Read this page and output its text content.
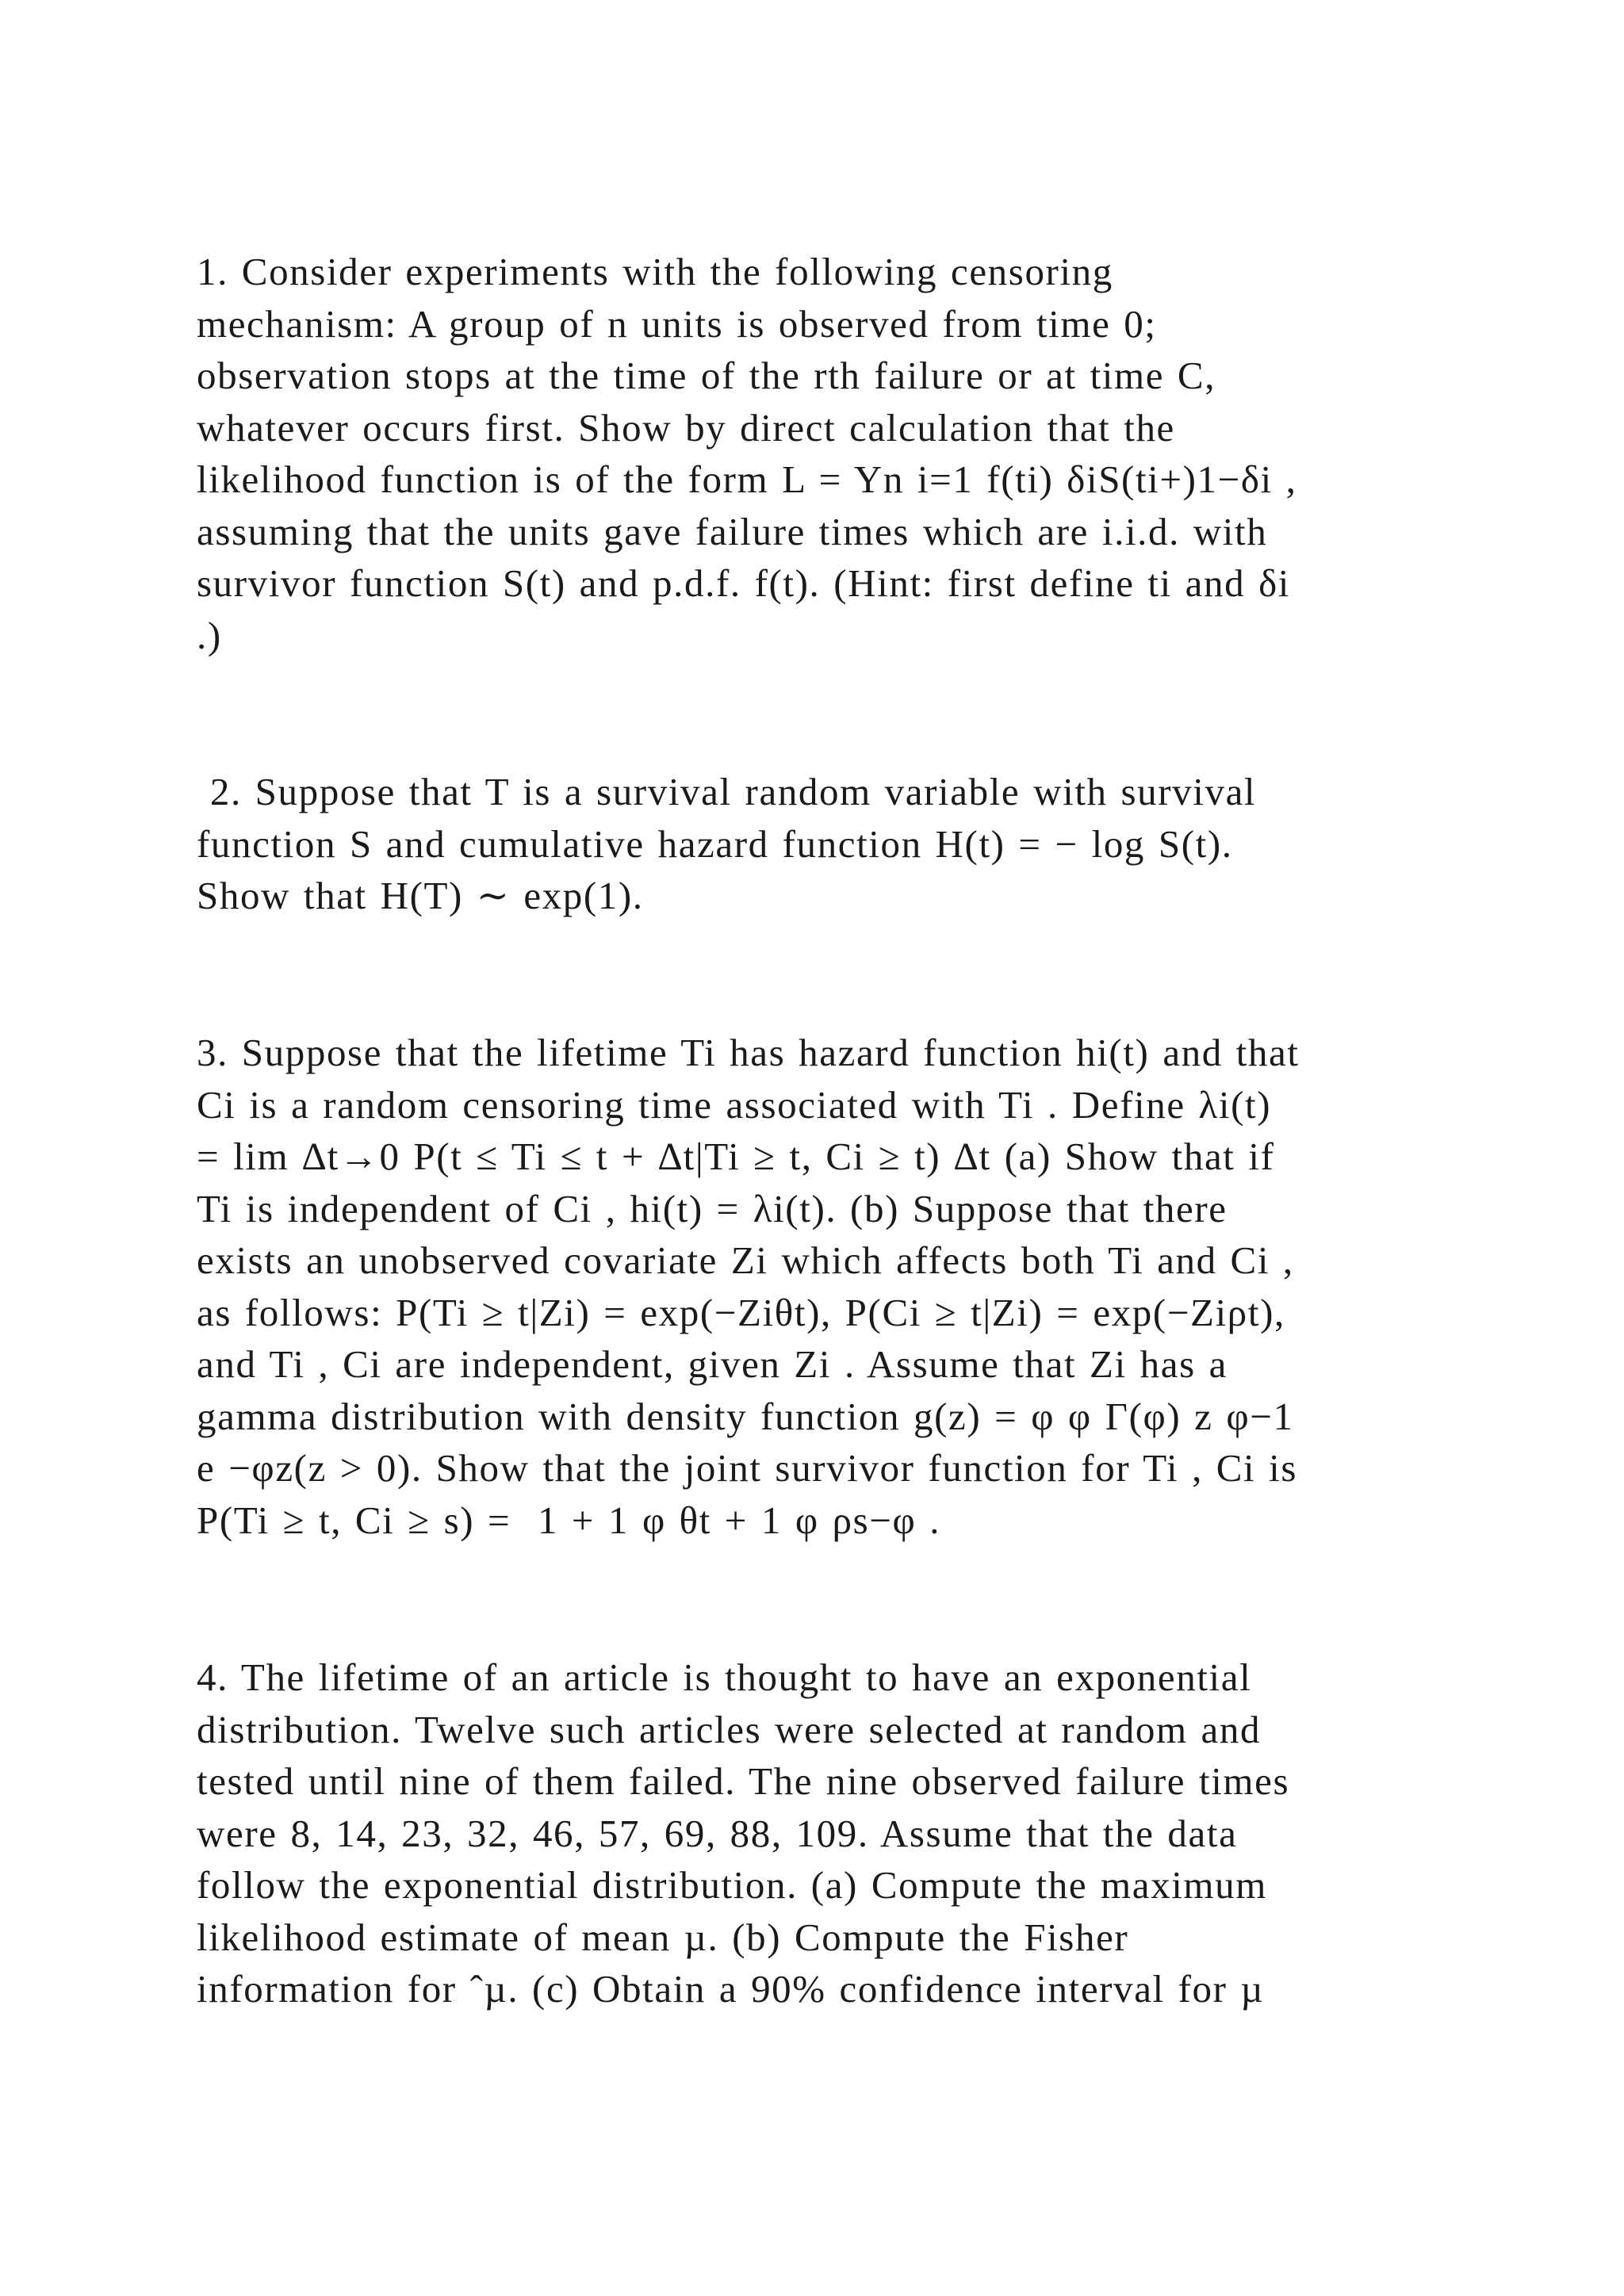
1. Consider experiments with the following censoring
mechanism: A group of n units is observed from time 0;
observation stops at the time of the rth failure or at time C,
whatever occurs first. Show by direct calculation that the
likelihood function is of the form L = Yn i=1 f(ti) δiS(ti+)1−δi ,
assuming that the units gave failure times which are i.i.d. with
survivor function S(t) and p.d.f. f(t). (Hint: first define ti and δi
.)

2. Suppose that T is a survival random variable with survival
function S and cumulative hazard function H(t) = − log S(t).
Show that H(T) ∼ exp(1).

3. Suppose that the lifetime Ti has hazard function hi(t) and that
Ci is a random censoring time associated with Ti . Define λi(t)
= lim ∆t→0 P(t ≤ Ti ≤ t + ∆t|Ti ≥ t, Ci ≥ t) ∆t (a) Show that if
Ti is independent of Ci , hi(t) = λi(t). (b) Suppose that there
exists an unobserved covariate Zi which affects both Ti and Ci ,
as follows: P(Ti ≥ t|Zi) = exp(−Ziθt), P(Ci ≥ t|Zi) = exp(−Ziρt),
and Ti , Ci are independent, given Zi . Assume that Zi has a
gamma distribution with density function g(z) = φ φ Γ(φ) z φ−1
e −φz(z > 0). Show that the joint survivor function for Ti , Ci is
P(Ti ≥ t, Ci ≥ s) =  1 + 1 φ θt + 1 φ ρs−φ .

4. The lifetime of an article is thought to have an exponential
distribution. Twelve such articles were selected at random and
tested until nine of them failed. The nine observed failure times
were 8, 14, 23, 32, 46, 57, 69, 88, 109. Assume that the data
follow the exponential distribution. (a) Compute the maximum
likelihood estimate of mean µ. (b) Compute the Fisher
information for ˆµ. (c) Obtain a 90% confidence interval for µ
